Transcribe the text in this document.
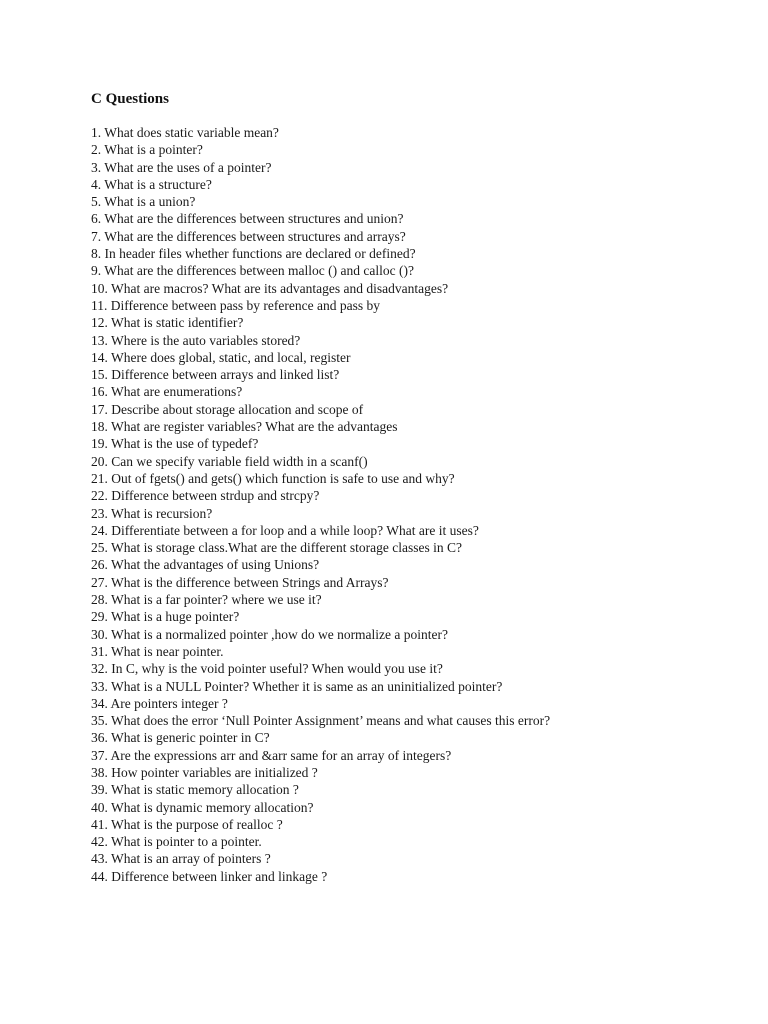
C Questions
1. What does static variable mean?
2. What is a pointer?
3. What are the uses of a pointer?
4. What is a structure?
5. What is a union?
6. What are the differences between structures and union?
7. What are the differences between structures and arrays?
8. In header files whether functions are declared or defined?
9. What are the differences between malloc () and calloc ()?
10. What are macros? What are its advantages and disadvantages?
11. Difference between pass by reference and pass by
12. What is static identifier?
13. Where is the auto variables stored?
14. Where does global, static, and local, register
15. Difference between arrays and linked list?
16. What are enumerations?
17. Describe about storage allocation and scope of
18. What are register variables? What are the advantages
19. What is the use of typedef?
20. Can we specify variable field width in a scanf()
21. Out of fgets() and gets() which function is safe to use and why?
22. Difference between strdup and strcpy?
23. What is recursion?
24. Differentiate between a for loop and a while loop? What are it uses?
25. What is storage class.What are the different storage classes in C?
26. What the advantages of using Unions?
27. What is the difference between Strings and Arrays?
28. What is a far pointer? where we use it?
29. What is a huge pointer?
30. What is a normalized pointer ,how do we normalize a pointer?
31. What is near pointer.
32. In C, why is the void pointer useful? When would you use it?
33. What is a NULL Pointer? Whether it is same as an uninitialized pointer?
34. Are pointers integer ?
35. What does the error ‘Null Pointer Assignment’ means and what causes this error?
36. What is generic pointer in C?
37. Are the expressions arr and &arr same for an array of integers?
38. How pointer variables are initialized ?
39. What is static memory allocation ?
40. What is dynamic memory allocation?
41. What is the purpose of realloc ?
42. What is pointer to a pointer.
43. What is an array of pointers ?
44. Difference between linker and linkage ?
